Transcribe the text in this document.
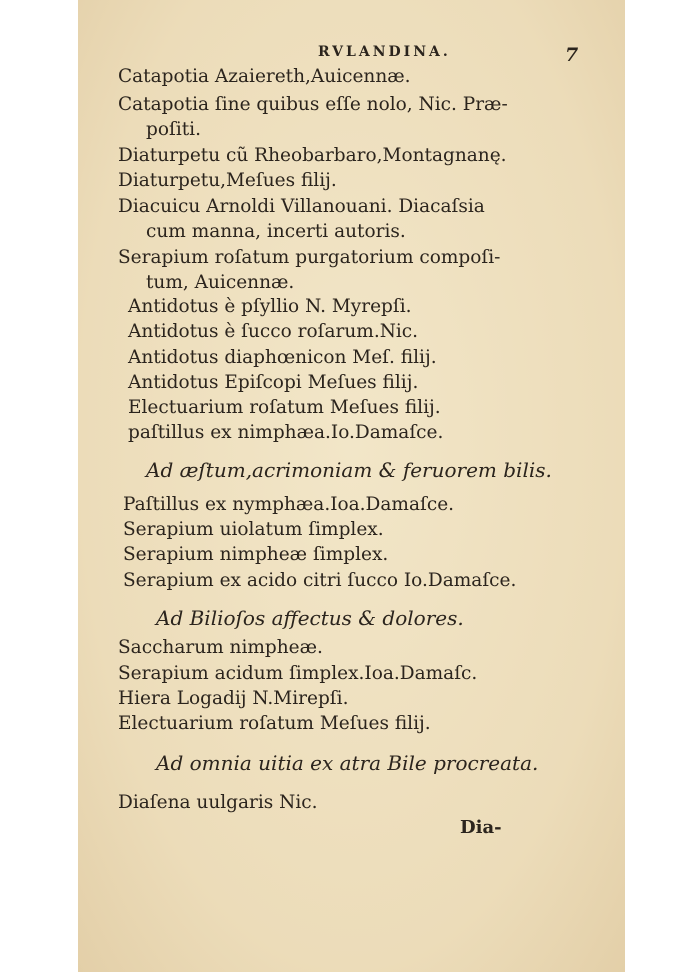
RVLANDINA.	7
Catapotia Azaiereth,Auicennæ.
Catapotia ſine quibus eſſe nolo, Nic. Præ-
poſiti.
Diaturpetu cũ Rheobarbaro,Montagnanę.
Diaturpetu,Meſues filij.
Diacuicu Arnoldi Villanouani. Diacaſsia
cum manna, incerti autoris.
Serapium roſatum purgatorium compoſi-
tum, Auicennæ.
Antidotus è pſyllio N. Myrepſi.
Antidotus è ſucco roſarum.Nic.
Antidotus diaphœnicon Meſ. filij.
Antidotus Epiſcopi Meſues filij.
Electuarium roſatum Meſues filij.
paſtillus ex nimphæa.Io.Damaſce.
Ad æſtum,acrimoniam & feruorem bilis.
Paſtillus ex nymphæa.Ioa.Damaſce.
Serapium uiolatum ſimplex.
Serapium nimpheæ ſimplex.
Serapium ex acido citri ſucco Io.Damaſce.
Ad Bilioſos affectus & dolores.
Saccharum nimpheæ.
Serapium acidum ſimplex.Ioa.Damaſc.
Hiera Logadij N.Mirepſi.
Electuarium roſatum Meſues filij.
Ad omnia uitia ex atra Bile procreata.
Diaſena uulgaris Nic.
Dia-
